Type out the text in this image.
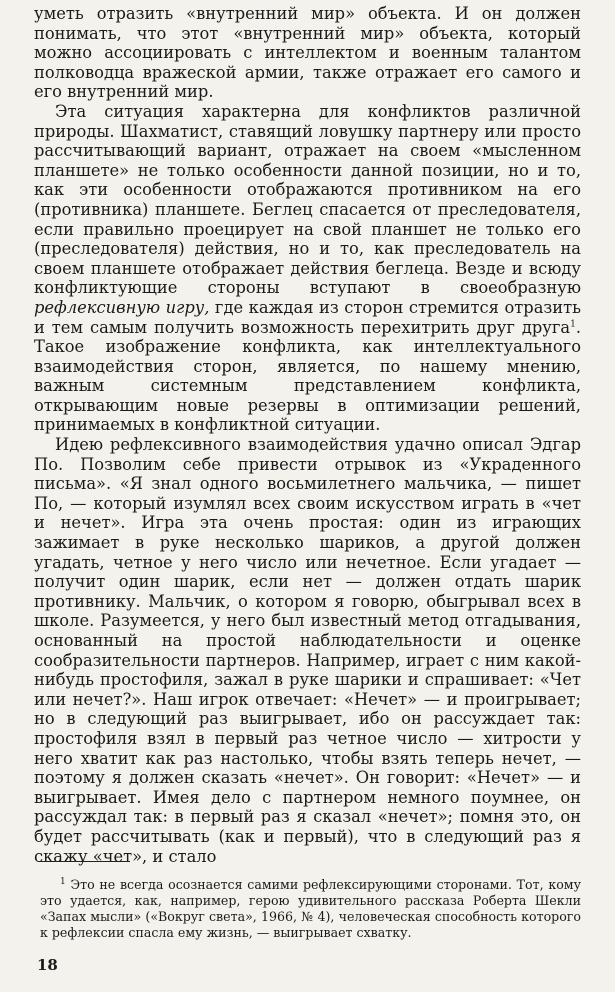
уметь отразить «внутренний мир» объекта. И он должен понимать, что этот «внутренний мир» объекта, который можно ассоциировать с интеллектом и военным талантом полководца вражеской армии, также отражает его самого и его внутренний мир.

Эта ситуация характерна для конфликтов различной природы. Шахматист, ставящий ловушку партнеру или просто рассчитывающий вариант, отражает на своем «мысленном планшете» не только особенности данной позиции, но и то, как эти особенности отображаются противником на его (противника) планшете. Беглец спасается от преследователя, если правильно проецирует на свой планшет не только его (преследователя) действия, но и то, как преследователь на своем планшете отображает действия беглеца. Везде и всюду конфликтующие стороны вступают в своеобразную рефлексивную игру, где каждая из сторон стремится отразить и тем самым получить возможность перехитрить друг друга$^1$. Такое изображение конфликта, как интеллектуального взаимодействия сторон, является, по нашему мнению, важным системным представлением конфликта, открывающим новые резервы в оптимизации решений, принимаемых в конфликтной ситуации.

Идею рефлексивного взаимодействия удачно описал Эдгар По. Позволим себе привести отрывок из «Украденного письма». «Я знал одного восьмилетнего мальчика, — пишет По, — который изумлял всех своим искусством играть в «чет и нечет». Игра эта очень простая: один из играющих зажимает в руке несколько шариков, а другой должен угадать, четное у него число или нечетное. Если угадает — получит один шарик, если нет — должен отдать шарик противнику. Мальчик, о котором я говорю, обыгрывал всех в школе. Разумеется, у него был известный метод отгадывания, основанный на простой наблюдательности и оценке сообразительности партнеров. Например, играет с ним какой-нибудь простофиля, зажал в руке шарики и спрашивает: «Чет или нечет?». Наш игрок отвечает: «Нечет» — и проигрывает; но в следующий раз выигрывает, ибо он рассуждает так: простофиля взял в первый раз четное число — хитрости у него хватит как раз настолько, чтобы взять теперь нечет, — поэтому я должен сказать «нечет». Он говорит: «Нечет» — и выигрывает. Имея дело с партнером немного поумнее, он рассуждал так: в первый раз я сказал «нечет»; помня это, он будет рассчитывать (как и первый), что в следующий раз я скажу «чет», и стало

$^1$ Это не всегда осознается самими рефлексирующими сторонами. Тот, кому это удается, как, например, герою удивительного рассказа Роберта Шекли «Запах мысли» («Вокруг света», 1966, № 4), человеческая способность которого к рефлексии спасла ему жизнь, — выигрывает схватку.
18
